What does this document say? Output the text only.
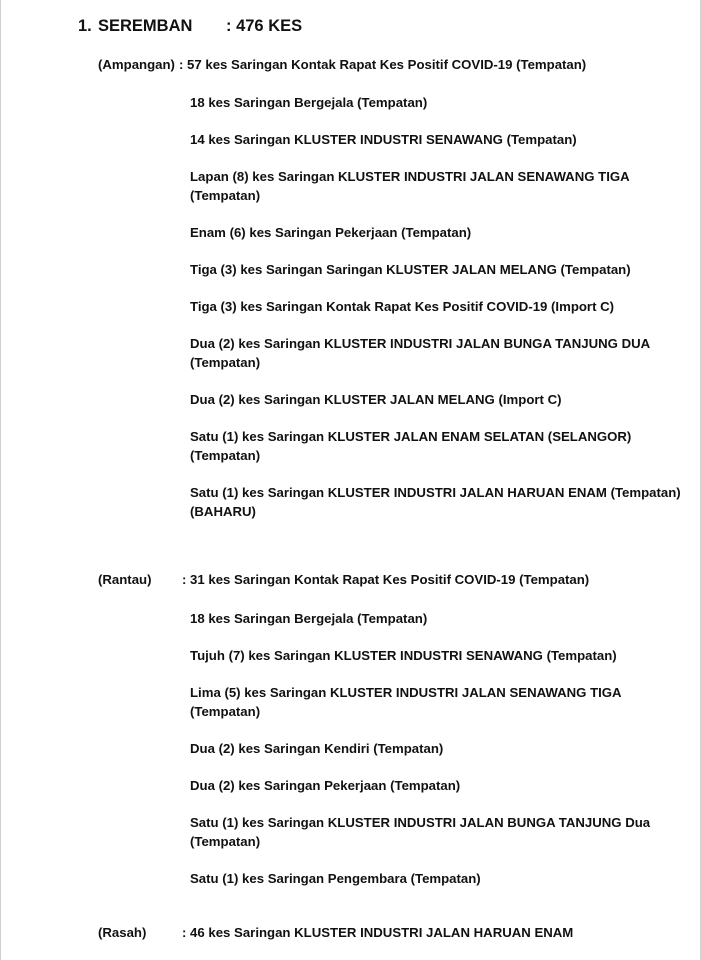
1. SEREMBAN : 476 KES
(Ampangan) : 57 kes Saringan Kontak Rapat Kes Positif COVID-19 (Tempatan)
18 kes Saringan Bergejala (Tempatan)
14 kes Saringan KLUSTER INDUSTRI SENAWANG (Tempatan)
Lapan (8) kes Saringan KLUSTER INDUSTRI JALAN SENAWANG TIGA (Tempatan)
Enam (6) kes Saringan Pekerjaan (Tempatan)
Tiga (3) kes Saringan Saringan KLUSTER JALAN MELANG (Tempatan)
Tiga (3) kes Saringan Kontak Rapat Kes Positif COVID-19 (Import C)
Dua (2) kes Saringan KLUSTER INDUSTRI JALAN BUNGA TANJUNG DUA (Tempatan)
Dua (2) kes Saringan KLUSTER JALAN MELANG (Import C)
Satu (1) kes Saringan KLUSTER JALAN ENAM SELATAN (SELANGOR) (Tempatan)
Satu (1) kes Saringan KLUSTER INDUSTRI JALAN HARUAN ENAM (Tempatan) (BAHARU)
(Rantau) : 31 kes Saringan Kontak Rapat Kes Positif COVID-19 (Tempatan)
18 kes Saringan Bergejala (Tempatan)
Tujuh (7) kes Saringan KLUSTER INDUSTRI SENAWANG (Tempatan)
Lima (5) kes Saringan KLUSTER INDUSTRI JALAN SENAWANG TIGA (Tempatan)
Dua (2) kes Saringan Kendiri (Tempatan)
Dua (2) kes Saringan Pekerjaan (Tempatan)
Satu (1) kes Saringan KLUSTER INDUSTRI JALAN BUNGA TANJUNG Dua (Tempatan)
Satu (1) kes Saringan Pengembara (Tempatan)
(Rasah)	: 46 kes Saringan KLUSTER INDUSTRI JALAN HARUAN ENAM
